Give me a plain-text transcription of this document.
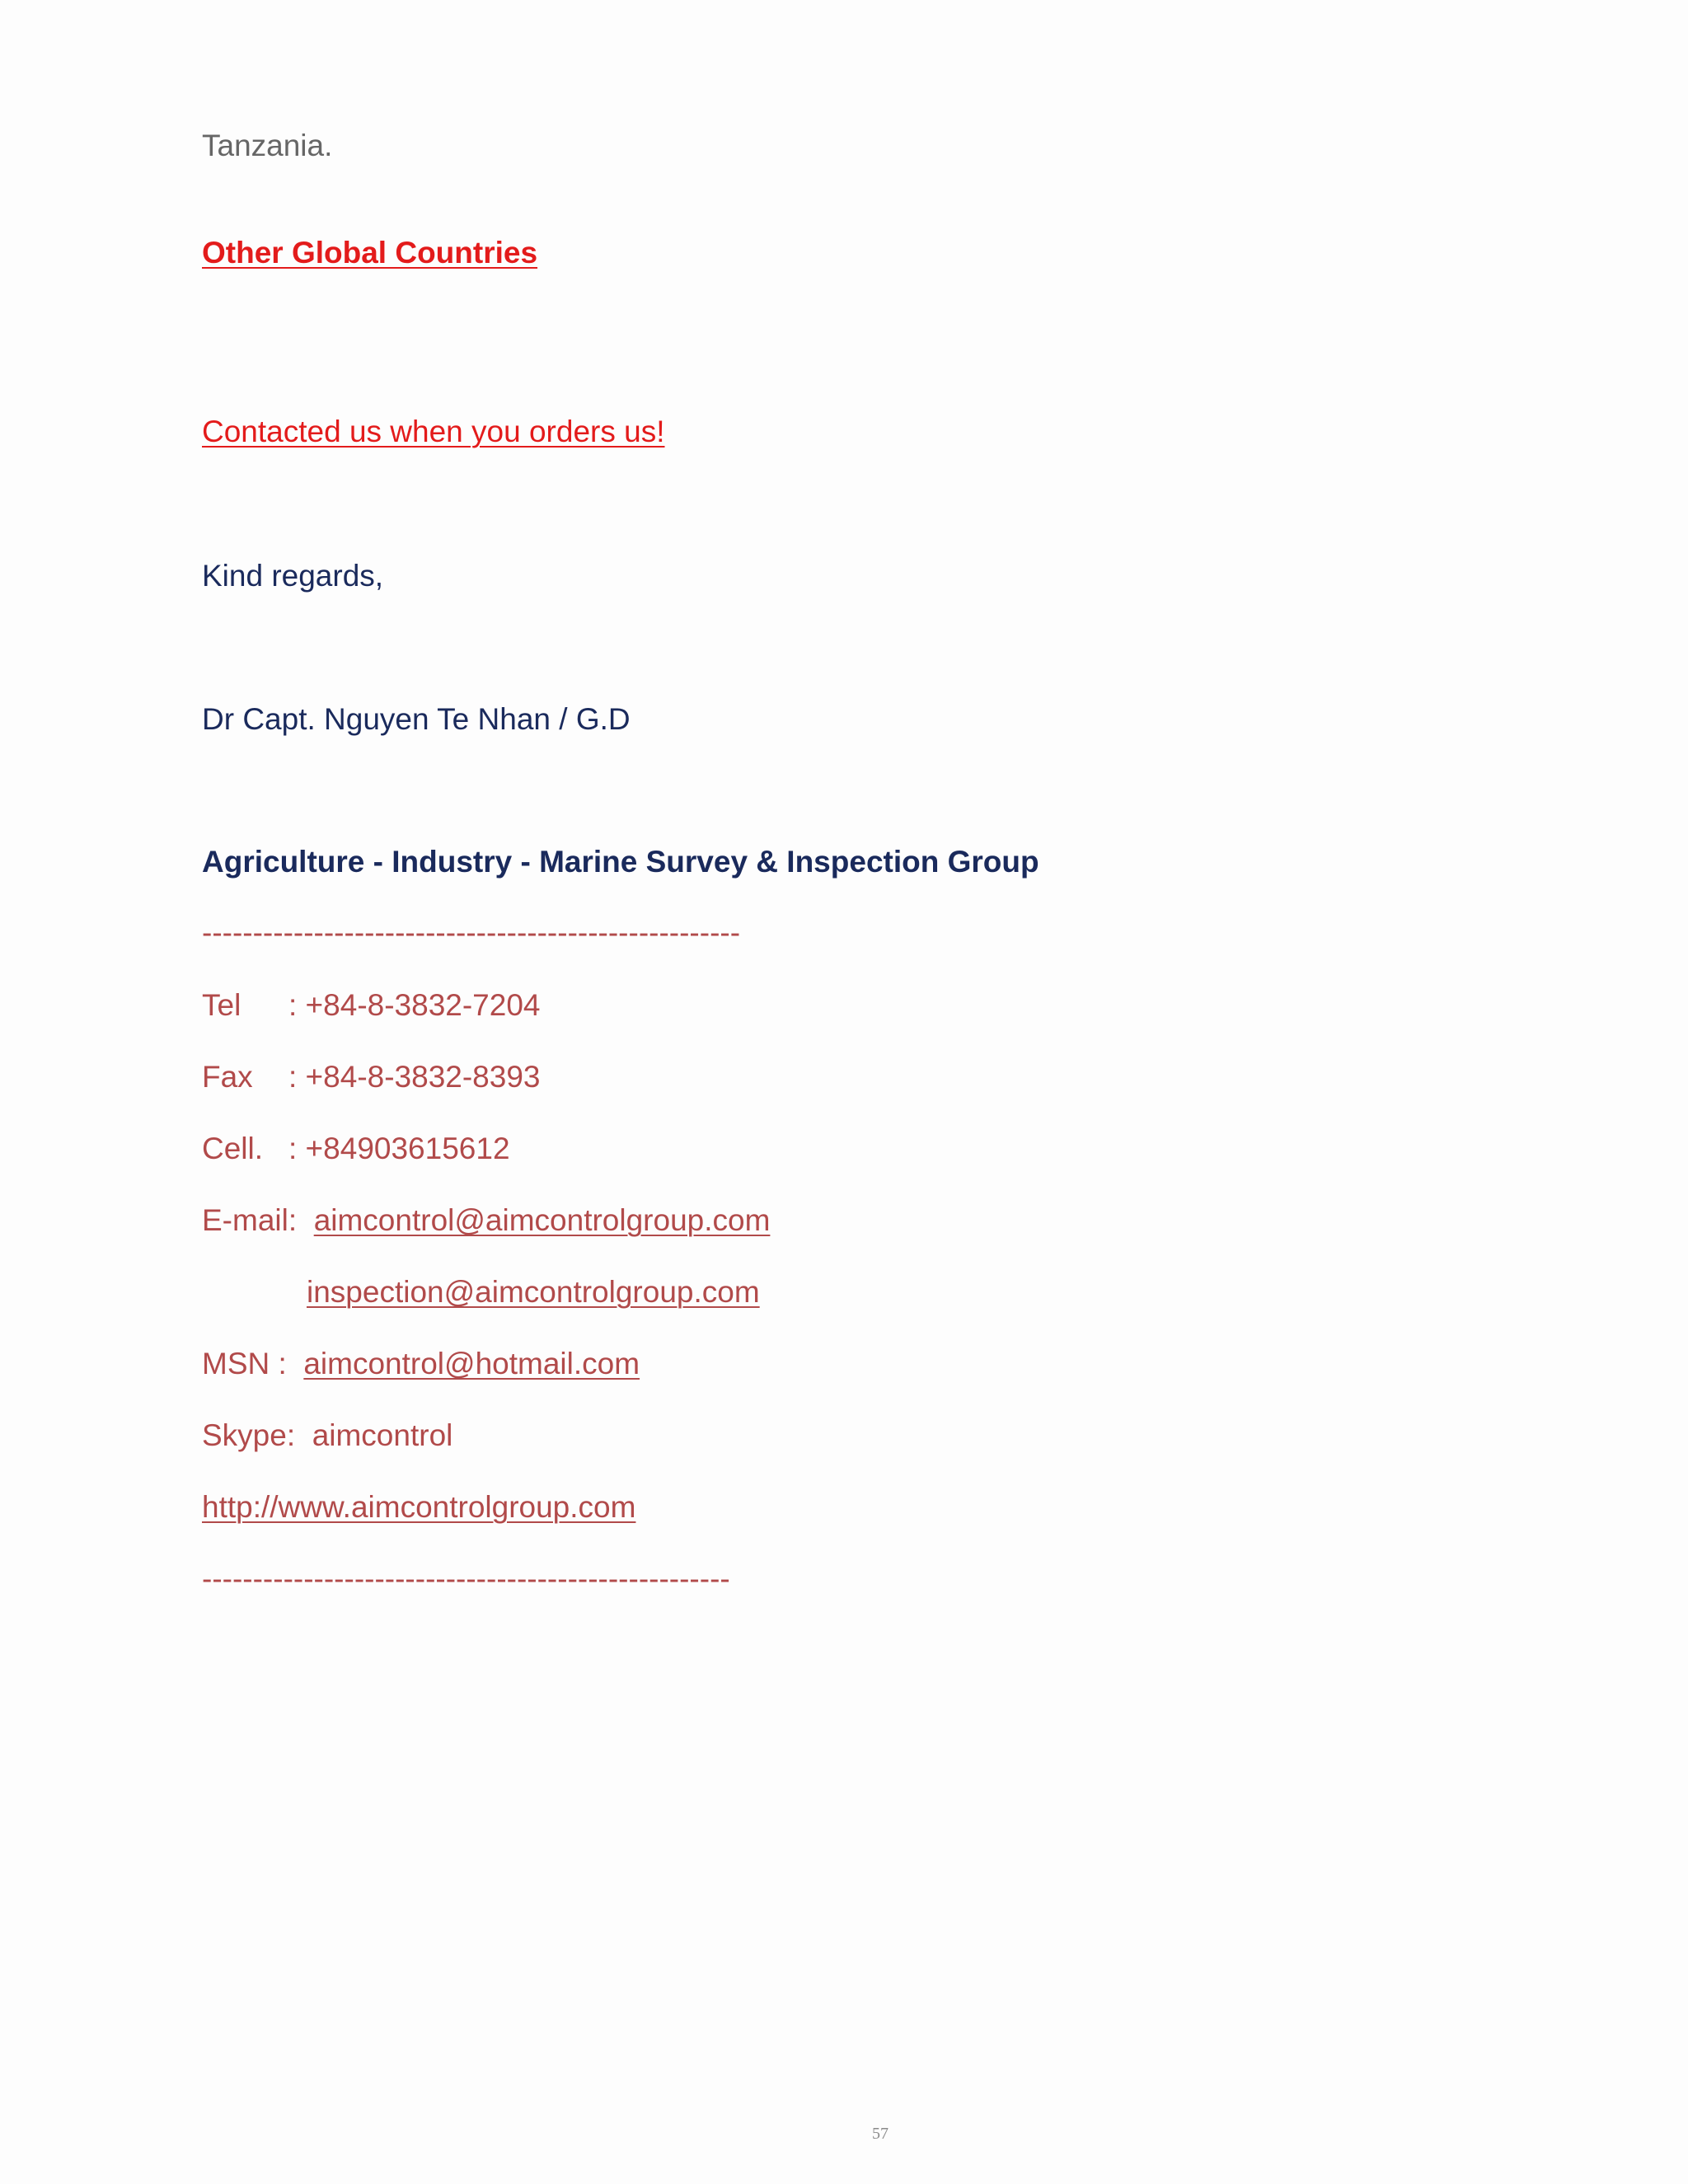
Tanzania.
Other Global Countries
Contacted us when you orders us!
Kind regards,
Dr Capt. Nguyen Te Nhan / G.D
Agriculture - Industry - Marine Survey & Inspection Group
-----------------------------------------------------
Tel : +84-8-3832-7204
Fax : +84-8-3832-8393
Cell. : +84903615612
E-mail: aimcontrol@aimcontrolgroup.com
inspection@aimcontrolgroup.com
MSN : aimcontrol@hotmail.com
Skype: aimcontrol
http://www.aimcontrolgroup.com
----------------------------------------------------
57
